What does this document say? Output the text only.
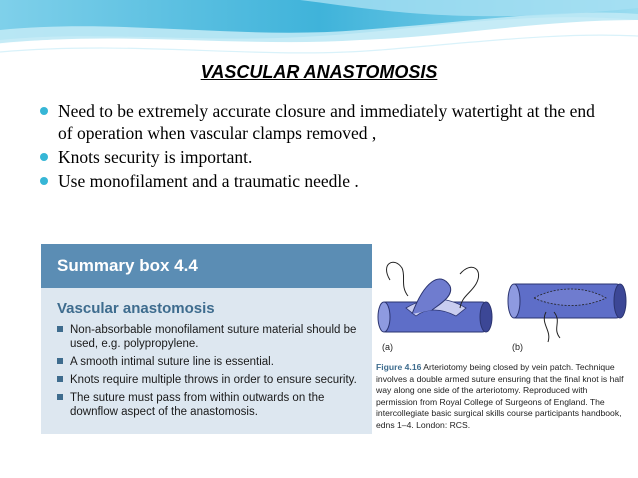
VASCULAR ANASTOMOSIS
Need to be extremely accurate closure and immediately watertight at the end of operation when vascular clamps removed ,
Knots security is important.
Use monofilament and a traumatic needle .
Summary box 4.4
Vascular anastomosis
Non-absorbable monofilament suture material should be used, e.g. polypropylene.
A smooth intimal suture line is essential.
Knots require multiple throws in order to ensure security.
The suture must pass from within outwards on the downflow aspect of the anastomosis.
(a)	(b)
Figure 4.16 Arteriotomy being closed by vein patch. Technique involves a double armed suture ensuring that the final knot is half way along one side of the arteriotomy. Reproduced with permission from Royal College of Surgeons of England. The intercollegiate basic surgical skills course participants handbook, edns 1–4. London: RCS.
